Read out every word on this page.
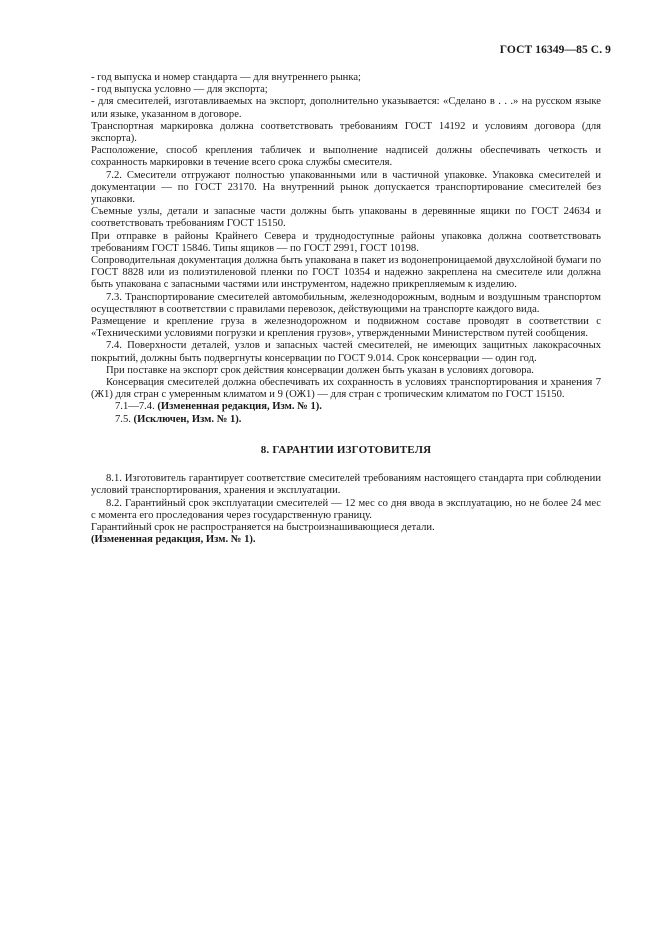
ГОСТ 16349—85 С. 9

- год выпуска и номер стандарта — для внутреннего рынка;

- год выпуска условно — для экспорта;

- для смесителей, изготавливаемых на экспорт, дополнительно указывается: «Сделано в . . .» на русском языке или языке, указанном в договоре.

Транспортная маркировка должна соответствовать требованиям ГОСТ 14192 и условиям договора (для экспорта).

Расположение, способ крепления табличек и выполнение надписей должны обеспечивать четкость и сохранность маркировки в течение всего срока службы смесителя.

7.2. Смесители отгружают полностью упакованными или в частичной упаковке. Упаковка смесителей и документации — по ГОСТ 23170. На внутренний рынок допускается транспортирование смесителей без упаковки.

Съемные узлы, детали и запасные части должны быть упакованы в деревянные ящики по ГОСТ 24634 и соответствовать требованиям ГОСТ 15150.

При отправке в районы Крайнего Севера и труднодоступные районы упаковка должна соответствовать требованиям ГОСТ 15846. Типы ящиков — по ГОСТ 2991, ГОСТ 10198.

Сопроводительная документация должна быть упакована в пакет из водонепроницаемой двухслойной бумаги по ГОСТ 8828 или из полиэтиленовой пленки по ГОСТ 10354 и надежно закреплена на смесителе или должна быть упакована с запасными частями или инструментом, надежно прикрепляемым к изделию.

7.3. Транспортирование смесителей автомобильным, железнодорожным, водным и воздушным транспортом осуществляют в соответствии с правилами перевозок, действующими на транспорте каждого вида.

Размещение и крепление груза в железнодорожном и подвижном составе проводят в соответствии с «Техническими условиями погрузки и крепления грузов», утвержденными Министерством путей сообщения.

7.4. Поверхности деталей, узлов и запасных частей смесителей, не имеющих защитных лакокрасочных покрытий, должны быть подвергнуты консервации по ГОСТ 9.014. Срок консервации — один год.

При поставке на экспорт срок действия консервации должен быть указан в условиях договора.

Консервация смесителей должна обеспечивать их сохранность в условиях транспортирования и хранения 7 (Ж1) для стран с умеренным климатом и 9 (ОЖ1) — для стран с тропическим климатом по ГОСТ 15150.

7.1—7.4. (Измененная редакция, Изм. № 1).

7.5. (Исключен, Изм. № 1).

8. ГАРАНТИИ ИЗГОТОВИТЕЛЯ

8.1. Изготовитель гарантирует соответствие смесителей требованиям настоящего стандарта при соблюдении условий транспортирования, хранения и эксплуатации.

8.2. Гарантийный срок эксплуатации смесителей — 12 мес со дня ввода в эксплуатацию, но не более 24 мес с момента его проследования через государственную границу.

Гарантийный срок не распространяется на быстроизнашивающиеся детали.

(Измененная редакция, Изм. № 1).
